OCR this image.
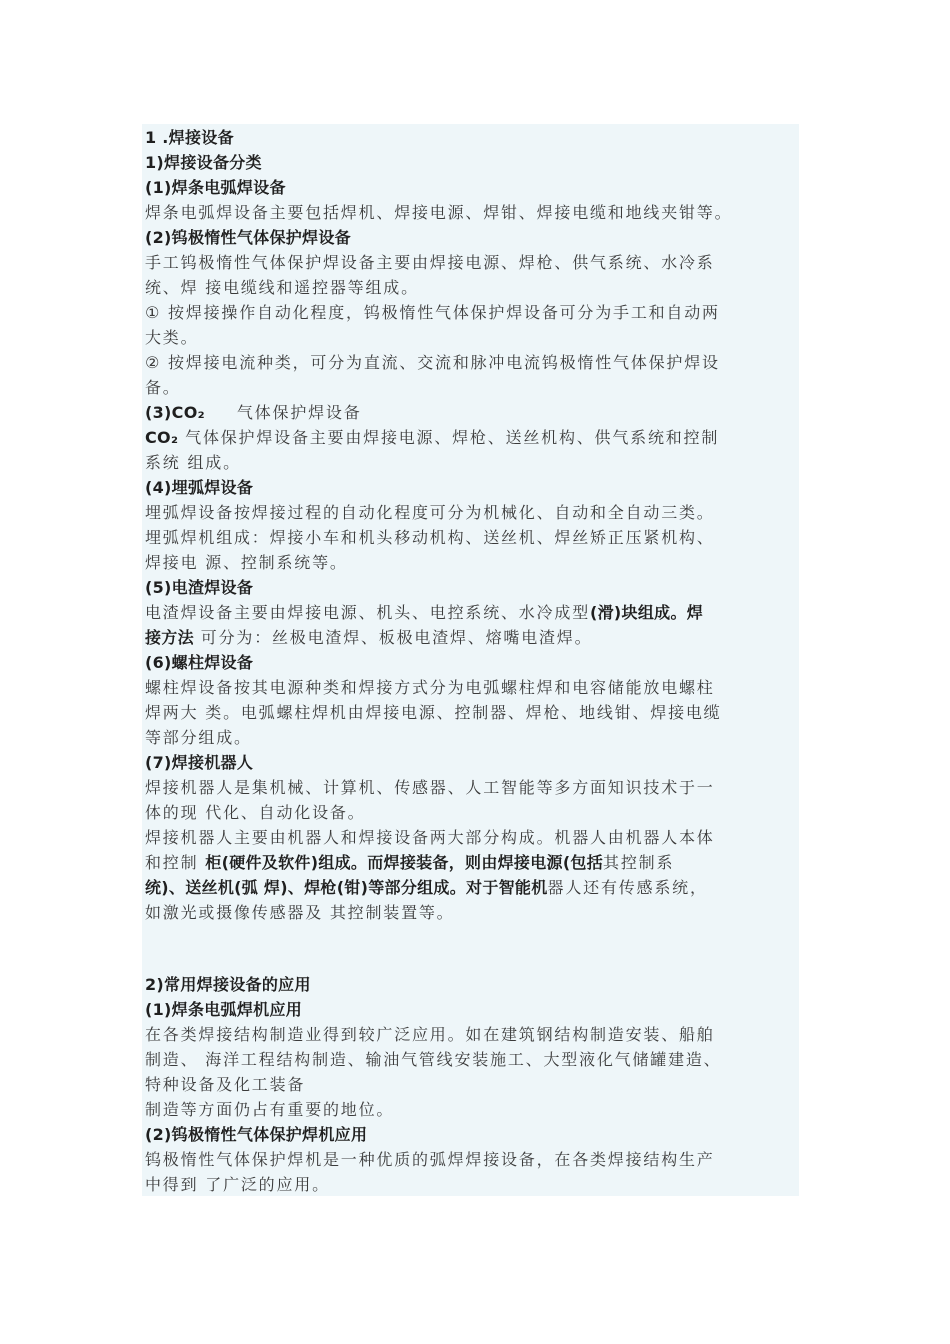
1 .焊接设备
1)焊接设备分类
(1)焊条电弧焊设备
焊条电弧焊设备主要包括焊机、焊接电源、焊钳、焊接电缆和地线夹钳等。
(2)钨极惰性气体保护焊设备
手工钨极惰性气体保护焊设备主要由焊接电源、焊枪、供气系统、水冷系
统、焊 接电缆线和遥控器等组成。
① 按焊接操作自动化程度，钨极惰性气体保护焊设备可分为手工和自动两
大类。
② 按焊接电流种类，可分为直流、交流和脉冲电流钨极惰性气体保护焊设
备。
(3)CO₂ 气体保护焊设备
CO₂ 气体保护焊设备主要由焊接电源、焊枪、送丝机构、供气系统和控制
系统 组成。
(4)埋弧焊设备
埋弧焊设备按焊接过程的自动化程度可分为机械化、自动和全自动三类。
埋弧焊机组成：焊接小车和机头移动机构、送丝机、焊丝矫正压紧机构、
焊接电 源、控制系统等。
(5)电渣焊设备
电渣焊设备主要由焊接电源、机头、电控系统、水冷成型(滑)块组成。焊
接方法 可分为：丝极电渣焊、板极电渣焊、熔嘴电渣焊。
(6)螺柱焊设备
螺柱焊设备按其电源种类和焊接方式分为电弧螺柱焊和电容储能放电螺柱
焊两大 类。电弧螺柱焊机由焊接电源、控制器、焊枪、地线钳、焊接电缆
等部分组成。
(7)焊接机器人
焊接机器人是集机械、计算机、传感器、人工智能等多方面知识技术于一
体的现 代化、自动化设备。
焊接机器人主要由机器人和焊接设备两大部分构成。机器人由机器人本体
和控制 柜(硬件及软件)组成。而焊接装备，则由焊接电源(包括其控制系
统)、送丝机(弧 焊)、焊枪(钳)等部分组成。对于智能机器人还有传感系统，
如激光或摄像传感器及 其控制装置等。
2)常用焊接设备的应用
(1)焊条电弧焊机应用
在各类焊接结构制造业得到较广泛应用。如在建筑钢结构制造安装、船舶
制造、 海洋工程结构制造、输油气管线安装施工、大型液化气储罐建造、
特种设备及化工装备
制造等方面仍占有重要的地位。
(2)钨极惰性气体保护焊机应用
钨极惰性气体保护焊机是一种优质的弧焊焊接设备，在各类焊接结构生产
中得到 了广泛的应用。
